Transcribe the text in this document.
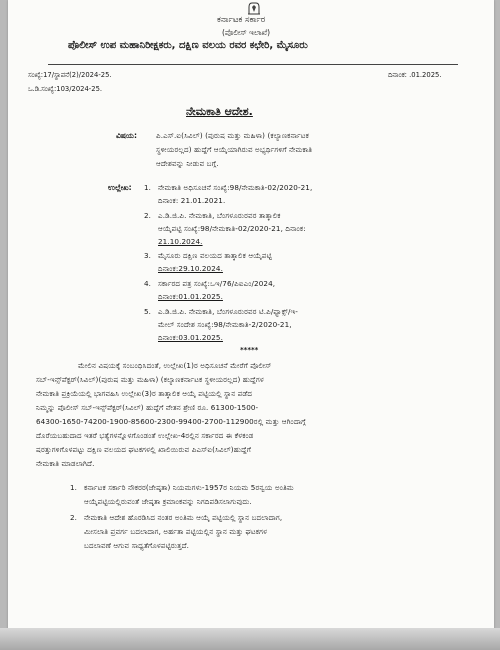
ಕರ್ನಾಟಕ ಸರ್ಕಾರ
(ಪೊಲೀಸ್ ಇಲಾಖೆ)
ಪೊಲೀಸ್ ಉಪ ಮಹಾನಿರೀಕ್ಷಕರು, ದಕ್ಷಿಣ ವಲಯ ರವರ ಕಛೇರಿ, ಮೈಸೂರು
ಸಂಖ್ಯೆ:17/ಸ್ಥಾಪನೆ(2)/2024-25.
ಒ.ಡಿ.ಸಂಖ್ಯೆ:103/2024-25.
ದಿನಾಂಕ: .01.2025.
ನೇಮಕಾತಿ ಆದೇಶ.
ವಿಷಯ:	ಪಿ.ಎಸ್.ಐ(ಸಿವಿಲ್) (ಪುರುಷ ಮತ್ತು ಮಹಿಳಾ) (ಕಲ್ಯಾಣಕರ್ನಾಟಕ
ಸ್ಥಳೀಯರಲ್ಲದ) ಹುದ್ದೆಗೆ ಆಯ್ಕೆಯಾಗಿರುವ ಅಭ್ಯರ್ಥಿಗಳಿಗೆ ನೇಮಕಾತಿ
ಆದೇಶವನ್ನು ನೀಡುವ ಬಗ್ಗೆ.
ಉಲ್ಲೇಖ: 1. ನೇಮಕಾತಿ ಅಧಿಸೂಚನೆ ಸಂಖ್ಯೆ:98/ನೇಮಕಾತಿ-02/2020-21,
ದಿನಾಂಕ: 21.01.2021.
2. ಎ.ಡಿ.ಜಿ.ಪಿ. ನೇಮಕಾತಿ, ಬೆಂಗಳೂರುರವರ ತಾತ್ಕಾಲಿಕ
ಆಯ್ಕೆಪಟ್ಟಿ ಸಂಖ್ಯೆ:98/ನೇಮಕಾತಿ-02/2020-21, ದಿನಾಂಕ:
21.10.2024.
3. ಮೈಸೂರು ದಕ್ಷಿಣ ವಲಯದ ತಾತ್ಕಾಲಿಕ ಆಯ್ಕೆಪಟ್ಟಿ
ದಿನಾಂಕ:29.10.2024.
4. ಸರ್ಕಾರದ ಪತ್ರ ಸಂಖ್ಯೆ:ಒಇ/76/ಪಿಐಎಂ/2024,
ದಿನಾಂಕ:01.01.2025.
5. ಎ.ಡಿ.ಜಿ.ಪಿ. ನೇಮಕಾತಿ, ಬೆಂಗಳೂರುರವರ ಟಿ.ಪಿ/ಫ್ಯಾಕ್ಸ್/ಇ-
ಮೇಲ್ ಸಂದೇಶ ಸಂಖ್ಯೆ:98/ನೇಮಕಾತಿ-2/2020-21,
ದಿನಾಂಕ:03.01.2025.
*****
ಮೇಲಿನ ವಿಷಯಕ್ಕೆ ಸಂಬಂಧಿಸಿದಂತೆ, ಉಲ್ಲೇಖ(1)ರ ಅಧಿಸೂಚನೆ ಮೇರೆಗೆ ಪೊಲೀಸ್
ಸಬ್-ಇನ್ಸ್‌ಪೆಕ್ಟರ್(ಸಿವಿಲ್)(ಪುರುಷ ಮತ್ತು ಮಹಿಳಾ) (ಕಲ್ಯಾಣಕರ್ನಾಟಕ ಸ್ಥಳೀಯರಲ್ಲದ) ಹುದ್ದೆಗಳ
ನೇಮಕಾತಿ ಪ್ರಕ್ರಿಯೆಯಲ್ಲಿ ಭಾಗವಹಿಸಿ ಉಲ್ಲೇಖ(3)ರ ತಾತ್ಕಾಲಿಕ ಆಯ್ಕೆ ಪಟ್ಟಿಯಲ್ಲಿ ಸ್ಥಾನ ಪಡೆದ
ನಿಮ್ಮನ್ನು ಪೊಲೀಸ್ ಸಬ್-ಇನ್ಸ್‌ಪೆಕ್ಟರ್(ಸಿವಿಲ್) ಹುದ್ದೆಗೆ ವೇತನ ಶ್ರೇಣಿ ರೂ. 61300-1500-
64300-1650-74200-1900-85600-2300-99400-2700-112900ರಲ್ಲಿ ಮತ್ತು ಆಗಿಂದಾಗ್ಗೆ
ದೊರೆಯಬಹುದಾದ ಇತರೆ ಭತ್ಯೆಗಳನ್ನೊಳಗೊಂಡಂತೆ ಉಲ್ಲೇಖ-4ರಲ್ಲಿನ ಸರ್ಕಾರದ ಈ ಕೆಳಕಂಡ
ಷರತ್ತುಗಳಿಗೊಳಪಟ್ಟು ದಕ್ಷಿಣ ವಲಯದ ಘಟಕಗಳಲ್ಲಿ ಖಾಲಿಯಿರುವ ಪಿಎಸ್‌ಐ(ಸಿವಿಲ್)ಹುದ್ದೆಗೆ
ನೇಮಕಾತಿ ಮಾಡಲಾಗಿದೆ.
1. ಕರ್ನಾಟಕ ಸರ್ಕಾರಿ ನೌಕರರ(ಜೇಷ್ಠತಾ) ನಿಯಮಗಳು-1957ರ ನಿಯಮ 5ರನ್ವಯ ಅಂತಿಮ
ಆಯ್ಕೆಪಟ್ಟಿಯಲ್ಲಿರುವಂತೆ ಜೇಷ್ಠತಾ ಕ್ರಮಾಂಕವನ್ನು ನಿಗದಿಪಡಿಸಲಾಗುವುದು.
2. ನೇಮಕಾತಿ ಆದೇಶ ಹೊರಡಿಸಿದ ನಂತರ ಅಂತಿಮ ಆಯ್ಕೆ ಪಟ್ಟಿಯಲ್ಲಿ ಸ್ಥಾನ ಬದಲಾದಾಗ,
ಮೀಸಲಾತಿ ಪ್ರವರ್ಗ ಬದಲಾದಾಗ, ಅರ್ಹತಾ ಪಟ್ಟಿಯಲ್ಲಿನ ಸ್ಥಾನ ಮತ್ತು ಘಟಕಗಳ
ಬದಲಾವಣೆ ಆಗುವ ಸಾಧ್ಯತೆಗೊಳಪಟ್ಟಿರುತ್ತದೆ.
